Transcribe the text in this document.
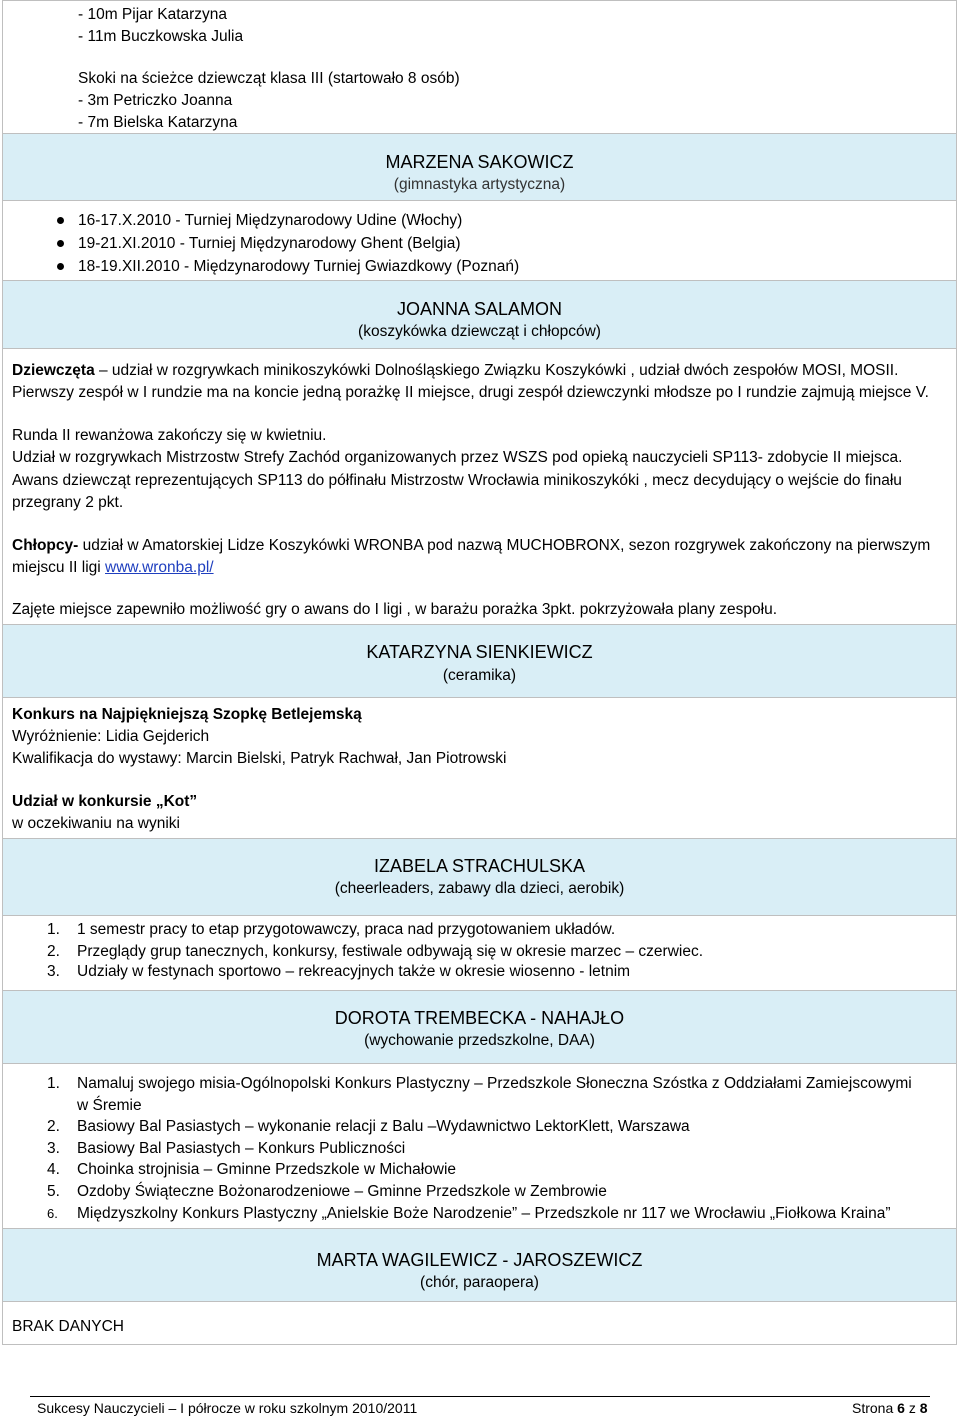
- 10m Pijar Katarzyna
- 11m Buczkowska Julia
Skoki na ścieżce dziewcząt klasa III (startowało 8 osób)
- 3m Petriczko Joanna
- 7m Bielska Katarzyna
MARZENA SAKOWICZ
(gimnastyka artystyczna)
16-17.X.2010 - Turniej Międzynarodowy Udine (Włochy)
19-21.XI.2010 - Turniej Międzynarodowy Ghent (Belgia)
18-19.XII.2010 - Międzynarodowy Turniej Gwiazdkowy (Poznań)
JOANNA SALAMON
(koszykówka dziewcząt i chłopców)
Dziewczęta – udział w rozgrywkach minikoszykówki Dolnośląskiego Związku Koszykówki , udział dwóch zespołów MOSI, MOSII. Pierwszy zespół w I rundzie ma na koncie jedną porażkę II miejsce, drugi zespół dziewczynki młodsze po I rundzie zajmują miejsce V.
Runda II rewanżowa zakończy się w kwietniu.
Udział w rozgrywkach Mistrzostw Strefy Zachód organizowanych przez WSZS pod opieką nauczycieli SP113- zdobycie II miejsca.
Awans dziewcząt reprezentujących SP113 do półfinału Mistrzostw Wrocławia minikoszykóki , mecz decydujący o wejście do finału przegrany 2 pkt.
Chłopcy- udział w Amatorskiej Lidze Koszykówki WRONBA pod nazwą MUCHOBRONX, sezon rozgrywek zakończony na pierwszym miejscu II ligi www.wronba.pl/
Zajęte miejsce zapewniło możliwość gry o awans do I ligi , w barażu porażka 3pkt. pokrzyżowała plany zespołu.
KATARZYNA SIENKIEWICZ
(ceramika)
Konkurs na Najpiękniejszą Szopkę Betlejemską
Wyróżnienie: Lidia Gejderich
Kwalifikacja do wystawy: Marcin Bielski, Patryk Rachwał, Jan Piotrowski
Udział w konkursie „Kot”
w oczekiwaniu na wyniki
IZABELA STRACHULSKA
(cheerleaders, zabawy dla dzieci, aerobik)
1. 1 semestr pracy to etap przygotowawczy, praca nad przygotowaniem układów.
2. Przeglądy grup tanecznych, konkursy, festiwale odbywają się w okresie marzec – czerwiec.
3. Udziały w festynach sportowo – rekreacyjnych także w okresie wiosenno - letnim
DOROTA TREMBECKA - NAHAJŁO
(wychowanie przedszkolne, DAA)
1. Namaluj swojego misia-Ogólnopolski Konkurs Plastyczny – Przedszkole Słoneczna Szóstka z Oddziałami Zamiejscowymi
w Śremie
2. Basiowy Bal Pasiastych – wykonanie relacji z Balu –Wydawnictwo LektorKlett, Warszawa
3. Basiowy Bal Pasiastych – Konkurs Publiczności
4. Choinka strojnisia – Gminne Przedszkole w Michałowie
5. Ozdoby Świąteczne Bożonarodzeniowe – Gminne Przedszkole w Zembrowie
6. Międzyszkolny Konkurs Plastyczny „Anielskie Boże Narodzenie” – Przedszkole nr 117 we Wrocławiu „Fiołkowa Kraina”
MARTA WAGILEWICZ - JAROSZEWICZ
(chór, paraopera)
BRAK DANYCH
Sukcesy Nauczycieli – I półrocze w roku szkolnym 2010/2011	Strona 6 z 8
